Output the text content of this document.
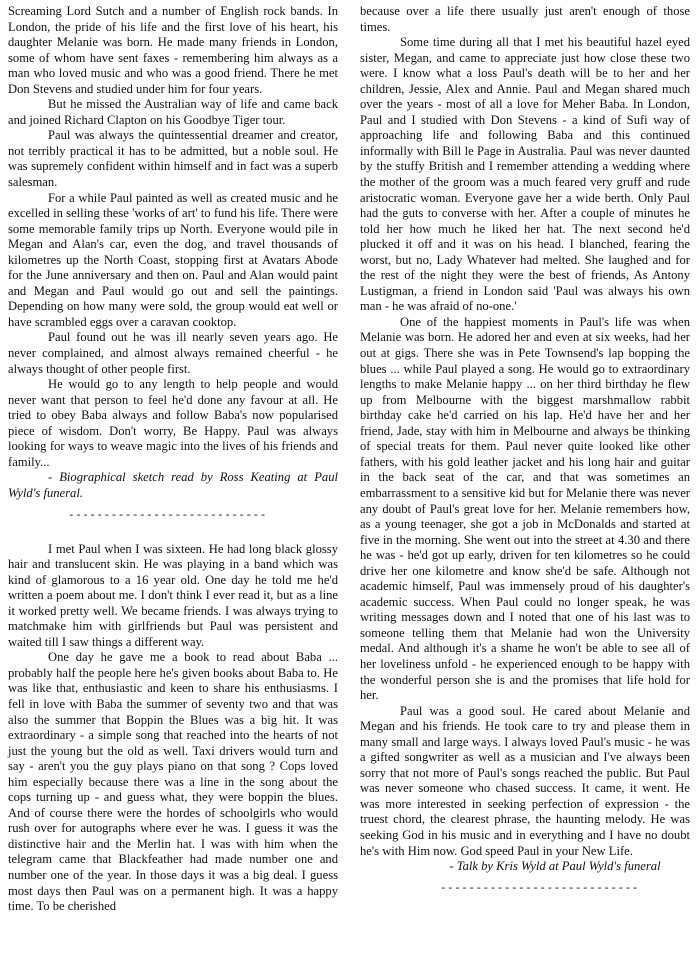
Screaming Lord Sutch and a number of English rock bands. In London, the pride of his life and the first love of his heart, his daughter Melanie was born. He made many friends in London, some of whom have sent faxes - remembering him always as a man who loved music and who was a good friend. There he met Don Stevens and studied under him for four years.

But he missed the Australian way of life and came back and joined Richard Clapton on his Goodbye Tiger tour.

Paul was always the quintessential dreamer and creator, not terribly practical it has to be admitted, but a noble soul. He was supremely confident within himself and in fact was a superb salesman.

For a while Paul painted as well as created music and he excelled in selling these 'works of art' to fund his life. There were some memorable family trips up North. Everyone would pile in Megan and Alan's car, even the dog, and travel thousands of kilometres up the North Coast, stopping first at Avatars Abode for the June anniversary and then on. Paul and Alan would paint and Megan and Paul would go out and sell the paintings. Depending on how many were sold, the group would eat well or have scrambled eggs over a caravan cooktop.

Paul found out he was ill nearly seven years ago. He never complained, and almost always remained cheerful - he always thought of other people first.

He would go to any length to help people and would never want that person to feel he'd done any favour at all. He tried to obey Baba always and follow Baba's now popularised piece of wisdom. Don't worry, Be Happy. Paul was always looking for ways to weave magic into the lives of his friends and family...

- Biographical sketch read by Ross Keating at Paul Wyld's funeral.

----------------------------

I met Paul when I was sixteen. He had long black glossy hair and translucent skin. He was playing in a band which was kind of glamorous to a 16 year old. One day he told me he'd written a poem about me. I don't think I ever read it, but as a line it worked pretty well. We became friends. I was always trying to matchmake him with girlfriends but Paul was persistent and waited till I saw things a different way.

One day he gave me a book to read about Baba ... probably half the people here he's given books about Baba to. He was like that, enthusiastic and keen to share his enthusiasms. I fell in love with Baba the summer of seventy two and that was also the summer that Boppin the Blues was a big hit. It was extraordinary - a simple song that reached into the hearts of not just the young but the old as well. Taxi drivers would turn and say - aren't you the guy plays piano on that song ? Cops loved him especially because there was a line in the song about the cops turning up - and guess what, they were boppin the blues. And of course there were the hordes of schoolgirls who would rush over for autographs where ever he was. I guess it was the distinctive hair and the Merlin hat. I was with him when the telegram came that Blackfeather had made number one and number one of the year. In those days it was a big deal. I guess most days then Paul was on a permanent high. It was a happy time. To be cherished

because over a life there usually just aren't enough of those times.

Some time during all that I met his beautiful hazel eyed sister, Megan, and came to appreciate just how close these two were. I know what a loss Paul's death will be to her and her children, Jessie, Alex and Annie. Paul and Megan shared much over the years - most of all a love for Meher Baba. In London, Paul and I studied with Don Stevens - a kind of Sufi way of approaching life and following Baba and this continued informally with Bill le Page in Australia. Paul was never daunted by the stuffy British and I remember attending a wedding where the mother of the groom was a much feared very gruff and rude aristocratic woman. Everyone gave her a wide berth. Only Paul had the guts to converse with her. After a couple of minutes he told her how much he liked her hat. The next second he'd plucked it off and it was on his head. I blanched, fearing the worst, but no, Lady Whatever had melted. She laughed and for the rest of the night they were the best of friends, As Antony Lustigman, a friend in London said 'Paul was always his own man - he was afraid of no-one.'

One of the happiest moments in Paul's life was when Melanie was born. He adored her and even at six weeks, had her out at gigs. There she was in Pete Townsend's lap bopping the blues ... while Paul played a song. He would go to extraordinary lengths to make Melanie happy ... on her third birthday he flew up from Melbourne with the biggest marshmallow rabbit birthday cake he'd carried on his lap. He'd have her and her friend, Jade, stay with him in Melbourne and always be thinking of special treats for them. Paul never quite looked like other fathers, with his gold leather jacket and his long hair and guitar in the back seat of the car, and that was sometimes an embarrassment to a sensitive kid but for Melanie there was never any doubt of Paul's great love for her. Melanie remembers how, as a young teenager, she got a job in McDonalds and started at five in the morning. She went out into the street at 4.30 and there he was - he'd got up early, driven for ten kilometres so he could drive her one kilometre and know she'd be safe. Although not academic himself, Paul was immensely proud of his daughter's academic success. When Paul could no longer speak, he was writing messages down and I noted that one of his last was to someone telling them that Melanie had won the University medal. And although it's a shame he won't be able to see all of her loveliness unfold - he experienced enough to be happy with the wonderful person she is and the promises that life hold for her.

Paul was a good soul. He cared about Melanie and Megan and his friends. He took care to try and please them in many small and large ways. I always loved Paul's music - he was a gifted songwriter as well as a musician and I've always been sorry that not more of Paul's songs reached the public. But Paul was never someone who chased success. It came, it went. He was more interested in seeking perfection of expression - the truest chord, the clearest phrase, the haunting melody. He was seeking God in his music and in everything and I have no doubt he's with Him now. God speed Paul in your New Life.

- Talk by Kris Wyld at Paul Wyld's funeral

----------------------------
